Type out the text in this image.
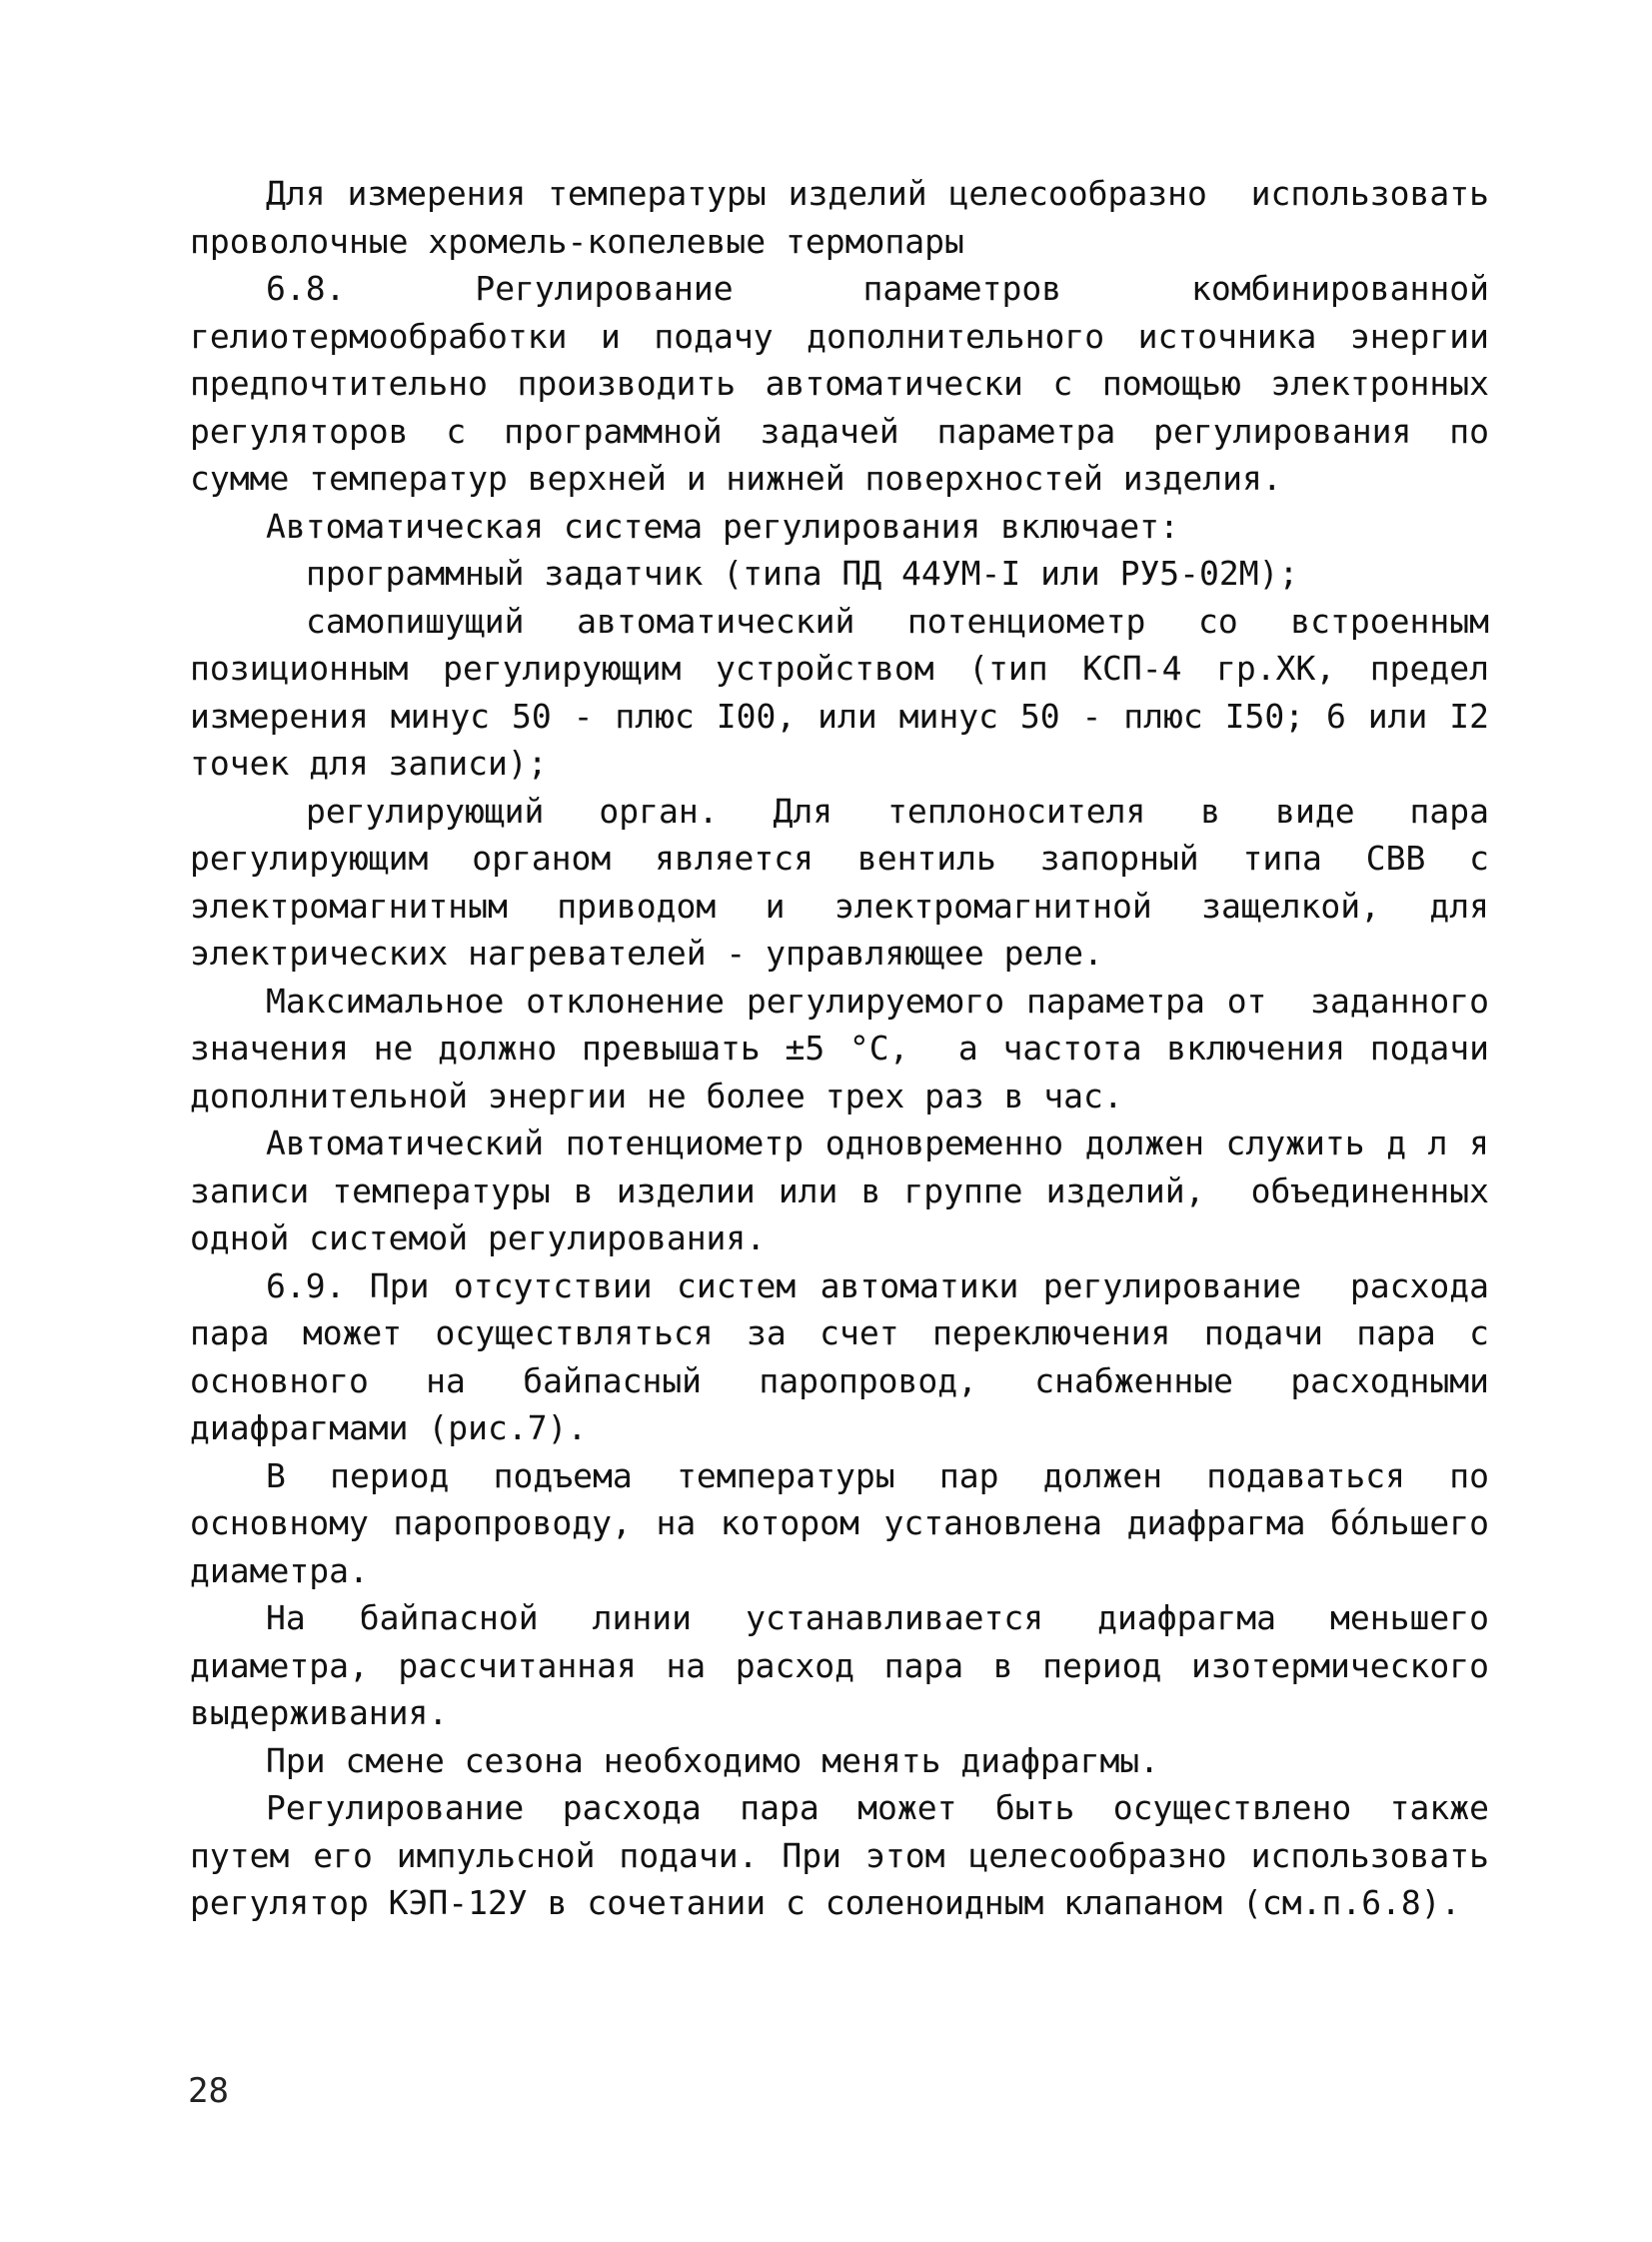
Для измерения температуры изделий целесообразно  использовать проволочные хромель-копелевые термопары

6.8. Регулирование параметров комбинированной гелиотермообработки и подачу дополнительного источника энергии  предпочтительно производить автоматически с помощью электронных регуляторов с программной задачей параметра регулирования по сумме температур верхней и нижней поверхностей изделия.

Автоматическая система регулирования включает:

программный задатчик (типа ПД 44УМ-I или РУ5-02М);

самопишущий автоматический потенциометр со встроенным позиционным регулирующим устройством (тип КСП-4 гр.ХК, предел измерения минус 50 - плюс I00, или минус 50 - плюс I50; 6 или I2  точек для записи);

регулирующий орган. Для теплоносителя в виде пара регулирующим органом является вентиль запорный типа СВВ с  электромагнитным приводом и электромагнитной защелкой, для электрических нагревателей - управляющее реле.

Максимальное отклонение регулируемого параметра от  заданного значения не должно превышать ±5 °С,  а частота включения подачи дополнительной энергии не более трех раз в час.

Автоматический потенциометр одновременно должен служить д л я записи температуры в изделии или в группе изделий,  объединенных одной системой регулирования.

6.9. При отсутствии систем автоматики регулирование  расхода пара может осуществляться за счет переключения подачи пара с  основного на байпасный паропровод, снабженные расходными диафрагмами (рис.7).

В период подъема температуры пар должен подаваться по основному паропроводу, на котором установлена диафрагма бо́льшего диаметра.

На байпасной линии устанавливается диафрагма меньшего  диаметра, рассчитанная на расход пара в период изотермического  выдерживания.

При смене сезона необходимо менять диафрагмы.

Регулирование расхода пара может быть осуществлено также путем его импульсной подачи. При этом целесообразно использовать регулятор КЭП-12У в сочетании с соленоидным клапаном (см.п.6.8).

28
